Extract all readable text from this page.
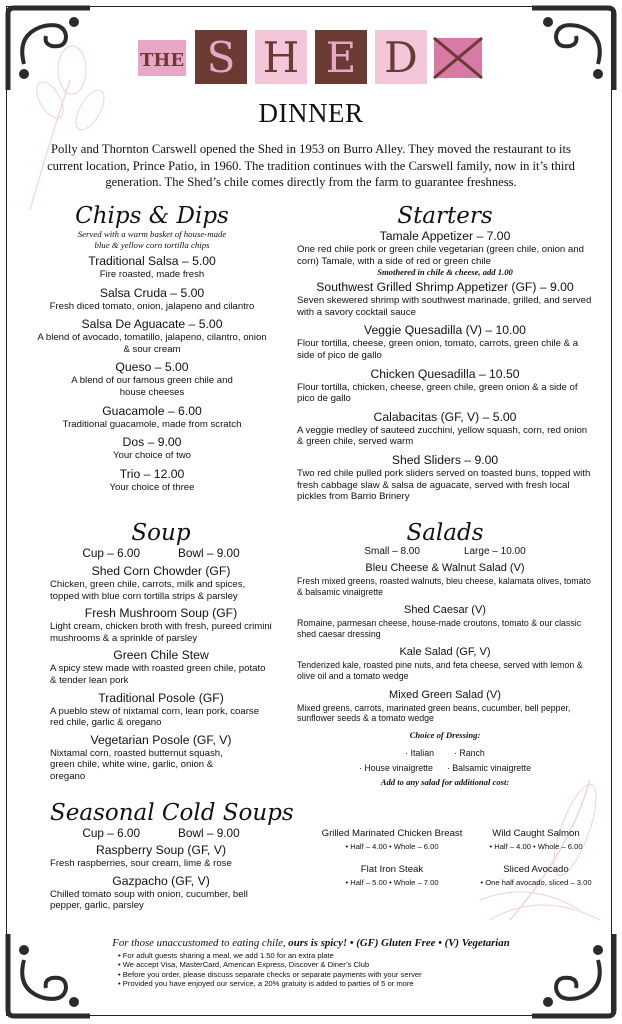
THE S H E D
DINNER
Polly and Thornton Carswell opened the Shed in 1953 on Burro Alley. They moved the restaurant to its current location, Prince Patio, in 1960. The tradition continues with the Carswell family, now in it’s third generation. The Shed’s chile comes directly from the farm to guarantee freshness.
Chips & Dips
Served with a warm basket of house-made blue & yellow corn tortilla chips
Traditional Salsa – 5.00
Fire roasted, made fresh
Salsa Cruda – 5.00
Fresh diced tomato, onion, jalapeno and cilantro
Salsa De Aguacate – 5.00
A blend of avocado, tomatillo, jalapeno, cilantro, onion & sour cream
Queso – 5.00
A blend of our famous green chile and house cheeses
Guacamole – 6.00
Traditional guacamole, made from scratch
Dos – 9.00
Your choice of two
Trio – 12.00
Your choice of three
Starters
Tamale Appetizer – 7.00
One red chile pork or green chile vegetarian (green chile, onion and corn) Tamale, with a side of red or green chile
Smothered in chile & cheese, add 1.00
Southwest Grilled Shrimp Appetizer (GF) – 9.00
Seven skewered shrimp with southwest marinade, grilled, and served with a savory cocktail sauce
Veggie Quesadilla (V) – 10.00
Flour tortilla, cheese, green onion, tomato, carrots, green chile & a side of pico de gallo
Chicken Quesadilla – 10.50
Flour tortilla, chicken, cheese, green chile, green onion & a side of pico de gallo
Calabacitas (GF, V) – 5.00
A veggie medley of sauteed zucchini, yellow squash, corn, red onion & green chile, served warm
Shed Sliders – 9.00
Two red chile pulled pork sliders served on toasted buns, topped with fresh cabbage slaw & salsa de aguacate, served with fresh local pickles from Barrio Brinery
Soup
Cup – 6.00	Bowl – 9.00
Shed Corn Chowder (GF)
Chicken, green chile, carrots, milk and spices, topped with blue corn tortilla strips & parsley
Fresh Mushroom Soup (GF)
Light cream, chicken broth with fresh, pureed crimini mushrooms & a sprinkle of parsley
Green Chile Stew
A spicy stew made with roasted green chile, potato & tender lean pork
Traditional Posole (GF)
A pueblo stew of nixtamal corn, lean pork, coarse red chile, garlic & oregano
Vegetarian Posole (GF, V)
Nixtamal corn, roasted butternut squash, green chile, white wine, garlic, onion & oregano
Seasonal Cold Soups
Cup – 6.00	Bowl – 9.00
Raspberry Soup (GF, V)
Fresh raspberries, sour cream, lime & rose
Gazpacho (GF, V)
Chilled tomato soup with onion, cucumber, bell pepper, garlic, parsley
Salads
Small – 8.00	Large – 10.00
Bleu Cheese & Walnut Salad (V)
Fresh mixed greens, roasted walnuts, bleu cheese, kalamata olives, tomato & balsamic vinaigrette
Shed Caesar (V)
Romaine, parmesan cheese, house-made croutons, tomato & our classic shed caesar dressing
Kale Salad (GF, V)
Tenderized kale, roasted pine nuts, and feta cheese, served with lemon & olive oil and a tomato wedge
Mixed Green Salad (V)
Mixed greens, carrots, marinated green beans, cucumber, bell pepper, sunflower seeds & a tomato wedge
Choice of Dressing:
· Italian · Ranch
· House vinaigrette · Balsamic vinaigrette
Add to any salad for additional cost:
Grilled Marinated Chicken Breast
• Half – 4.00 • Whole – 6.00
Wild Caught Salmon
• Half – 4.00 • Whole – 6.00
Flat Iron Steak
• Half – 5.00 • Whole – 7.00
Sliced Avocado
• One half avocado, sliced – 3.00
For those unaccustomed to eating chile, ours is spicy! • (GF) Gluten Free • (V) Vegetarian
• For adult guests sharing a meal, we add 1.50 for an extra plate
• We accept Visa, MasterCard, American Express, Discover & Diner’s Club
• Before you order, please discuss separate checks or separate payments with your server
• Provided you have enjoyed our service, a 20% gratuity is added to parties of 5 or more
